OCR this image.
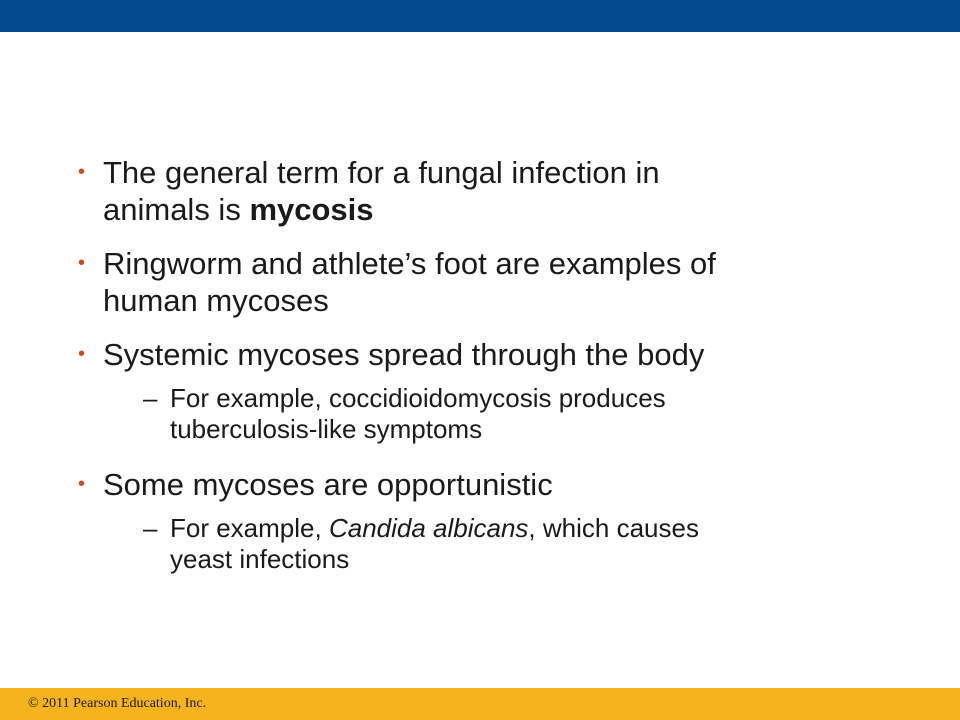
• The general term for a fungal infection in
animals is mycosis
• Ringworm and athlete’s foot are examples of
human mycoses
• Systemic mycoses spread through the body
– For example, coccidioidomycosis produces
tuberculosis-like symptoms
• Some mycoses are opportunistic
– For example, Candida albicans, which causes
yeast infections
© 2011 Pearson Education, Inc.
